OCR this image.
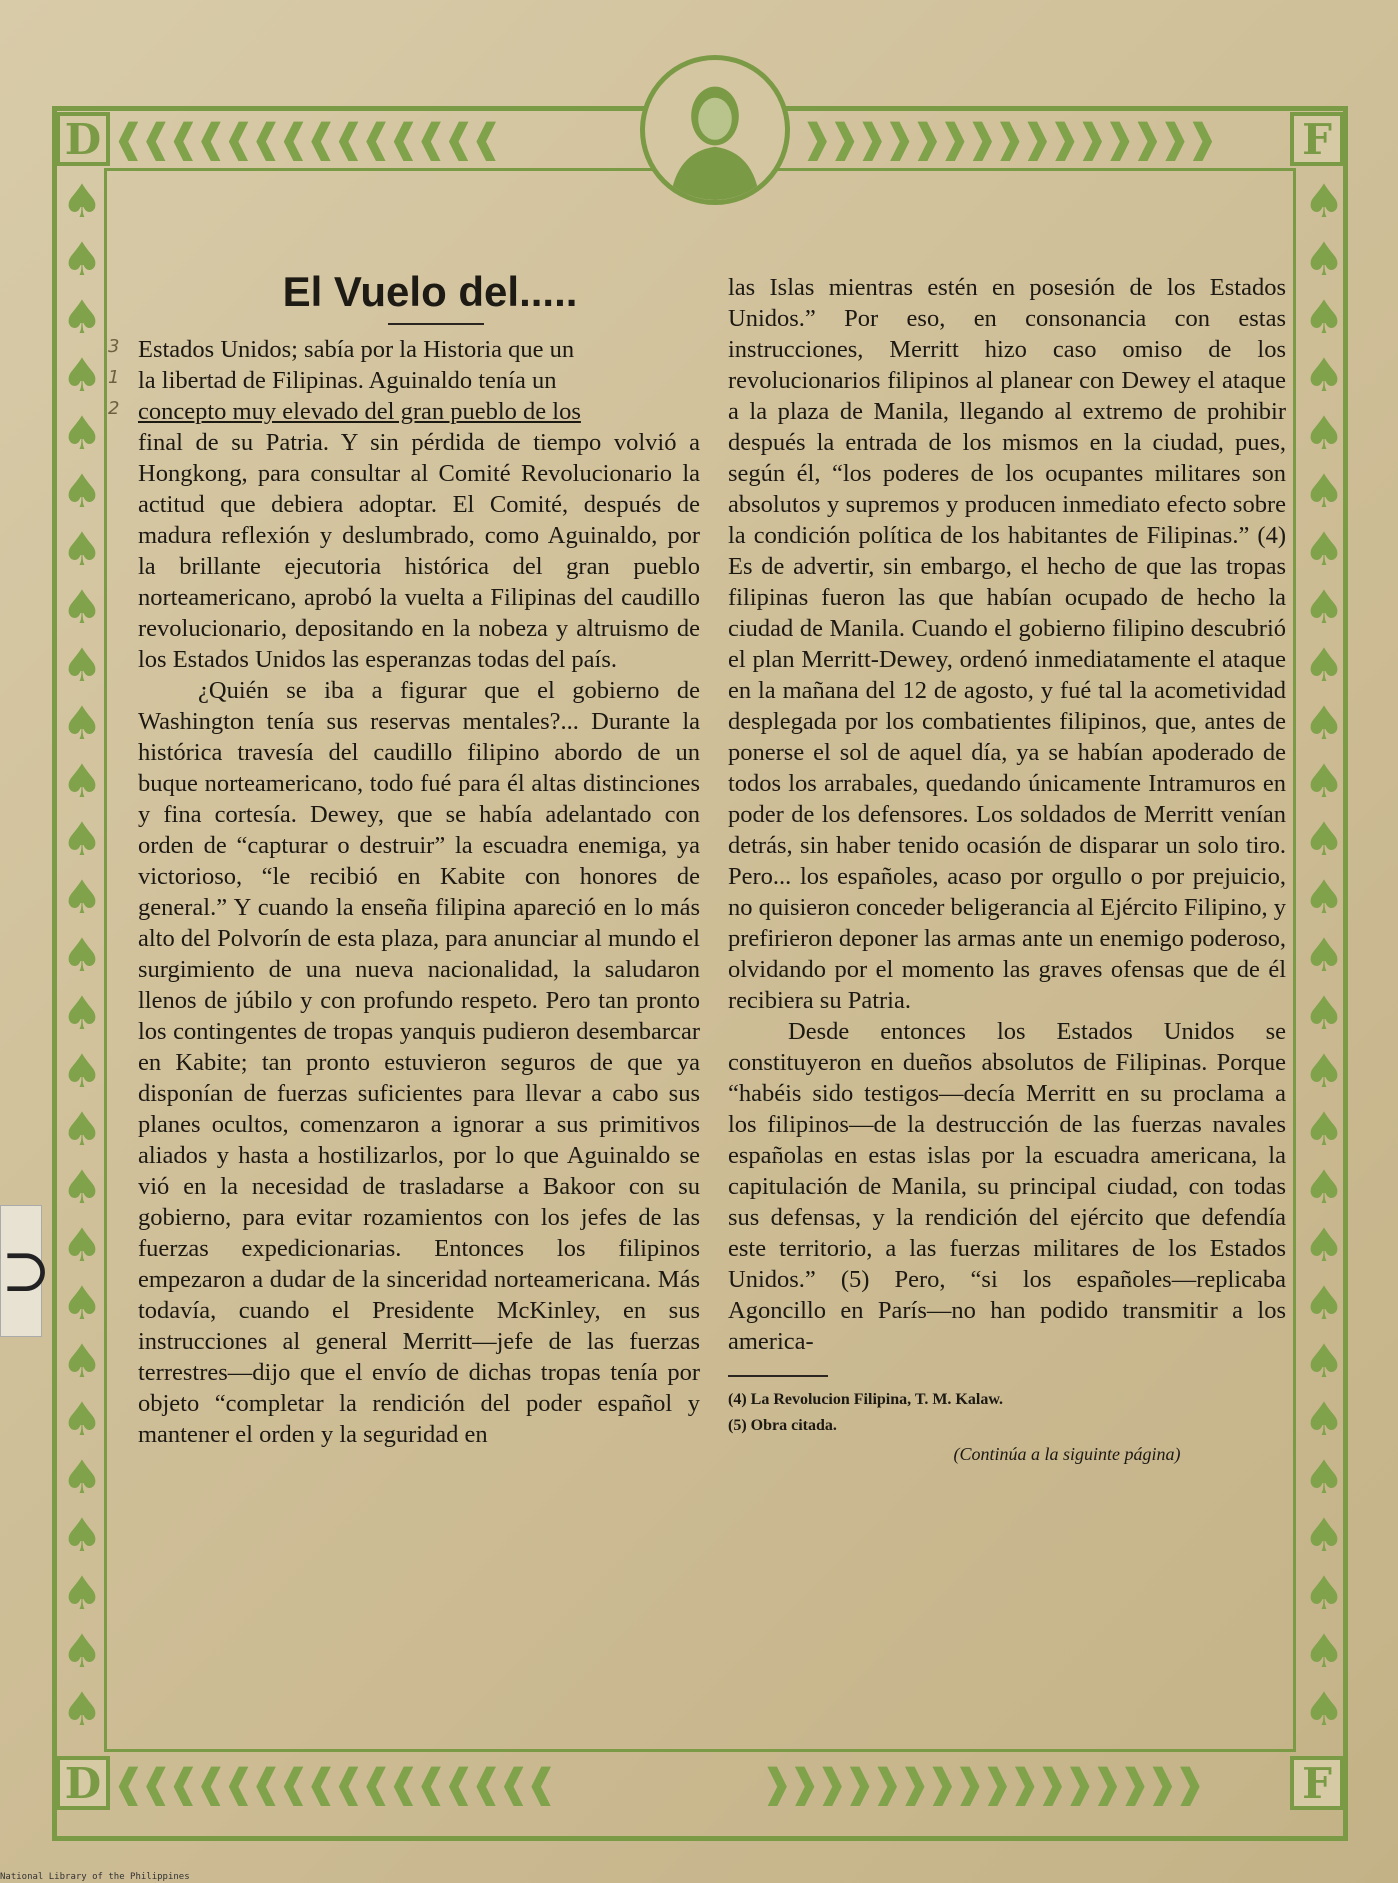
❰❰❰❰❰❰❰❰❰❰❰❰❰❰	❱❱❱❱❱❱❱❱❱❱❱❱❱❱❱
❰❰❰❰❰❰❰❰❰❰❰❰❰❰❰❰	❱❱❱❱❱❱❱❱❱❱❱❱❱❱❱❱
D	F
D	F
♠
♠
♠
♠
♠
♠
♠
♠
♠
♠
♠
♠
♠
♠
♠
♠
♠
♠
♠
♠
♠
♠
♠
♠
♠
♠
♠
♠
♠
♠
♠
♠
♠
♠
♠
♠
♠
♠
♠
♠
♠
♠
♠
♠
♠
♠
♠
♠
♠
♠
♠
♠
♠
♠
⊃
El Vuelo del.....
3
1
2

Estados Unidos; sabía por la Historia que un

la libertad de Filipinas. Aguinaldo tenía un

concepto muy elevado del gran pueblo de los

final de su Patria. Y sin pérdida de tiempo volvió a Hongkong, para consultar al Comité Revolucionario la actitud que debiera adoptar. El Comité, después de madura reflexión y deslumbrado, como Aguinaldo, por la brillante ejecutoria histórica del gran pueblo norteamericano, aprobó la vuelta a Filipinas del caudillo revolucionario, depositando en la nobeza y altruismo de los Estados Unidos las esperanzas todas del país.

¿Quién se iba a figurar que el gobierno de Washington tenía sus reservas mentales?... Durante la histórica travesía del caudillo filipino abordo de un buque norteamericano, todo fué para él altas distinciones y fina cortesía. Dewey, que se había adelantado con orden de “capturar o destruir” la escuadra enemiga, ya victorioso, “le recibió en Kabite con honores de general.” Y cuando la enseña filipina apareció en lo más alto del Polvorín de esta plaza, para anunciar al mundo el surgimiento de una nueva nacionalidad, la saludaron llenos de júbilo y con profundo respeto. Pero tan pronto los contingentes de tropas yanquis pudieron desembarcar en Kabite; tan pronto estuvieron seguros de que ya disponían de fuerzas suficientes para llevar a cabo sus planes ocultos, comenzaron a ignorar a sus primitivos aliados y hasta a hostilizarlos, por lo que Aguinaldo se vió en la necesidad de trasladarse a Bakoor con su gobierno, para evitar rozamientos con los jefes de las fuerzas expedicionarias. Entonces los filipinos empezaron a dudar de la sinceridad norteamericana. Más todavía, cuando el Presidente McKinley, en sus instrucciones al general Merritt—jefe de las fuerzas terrestres—dijo que el envío de dichas tropas tenía por objeto “completar la rendición del poder español y mantener el orden y la seguridad en

las Islas mientras estén en posesión de los Estados Unidos.” Por eso, en consonancia con estas instrucciones, Merritt hizo caso omiso de los revolucionarios filipinos al planear con Dewey el ataque a la plaza de Manila, llegando al extremo de prohibir después la entrada de los mismos en la ciudad, pues, según él, “los poderes de los ocupantes militares son absolutos y supremos y producen inmediato efecto sobre la condición política de los habitantes de Filipinas.” (4) Es de advertir, sin embargo, el hecho de que las tropas filipinas fueron las que habían ocupado de hecho la ciudad de Manila. Cuando el gobierno filipino descubrió el plan Merritt-Dewey, ordenó inmediatamente el ataque en la mañana del 12 de agosto, y fué tal la acometividad desplegada por los combatientes filipinos, que, antes de ponerse el sol de aquel día, ya se habían apoderado de todos los arrabales, quedando únicamente Intramuros en poder de los defensores. Los soldados de Merritt venían detrás, sin haber tenido ocasión de disparar un solo tiro. Pero... los españoles, acaso por orgullo o por prejuicio, no quisieron conceder beligerancia al Ejército Filipino, y prefirieron deponer las armas ante un enemigo poderoso, olvidando por el momento las graves ofensas que de él recibiera su Patria.

Desde entonces los Estados Unidos se constituyeron en dueños absolutos de Filipinas. Porque “habéis sido testigos—decía Merritt en su proclama a los filipinos—de la destrucción de las fuerzas navales españolas en estas islas por la escuadra americana, la capitulación de Manila, su principal ciudad, con todas sus defensas, y la rendición del ejército que defendía este territorio, a las fuerzas militares de los Estados Unidos.” (5) Pero, “si los españoles—replicaba Agoncillo en París—no han podido transmitir a los america-

(4) La Revolucion Filipina, T. M. Kalaw.

(5) Obra citada.

(Continúa a la siguinte página)

National Library of the Philippines
